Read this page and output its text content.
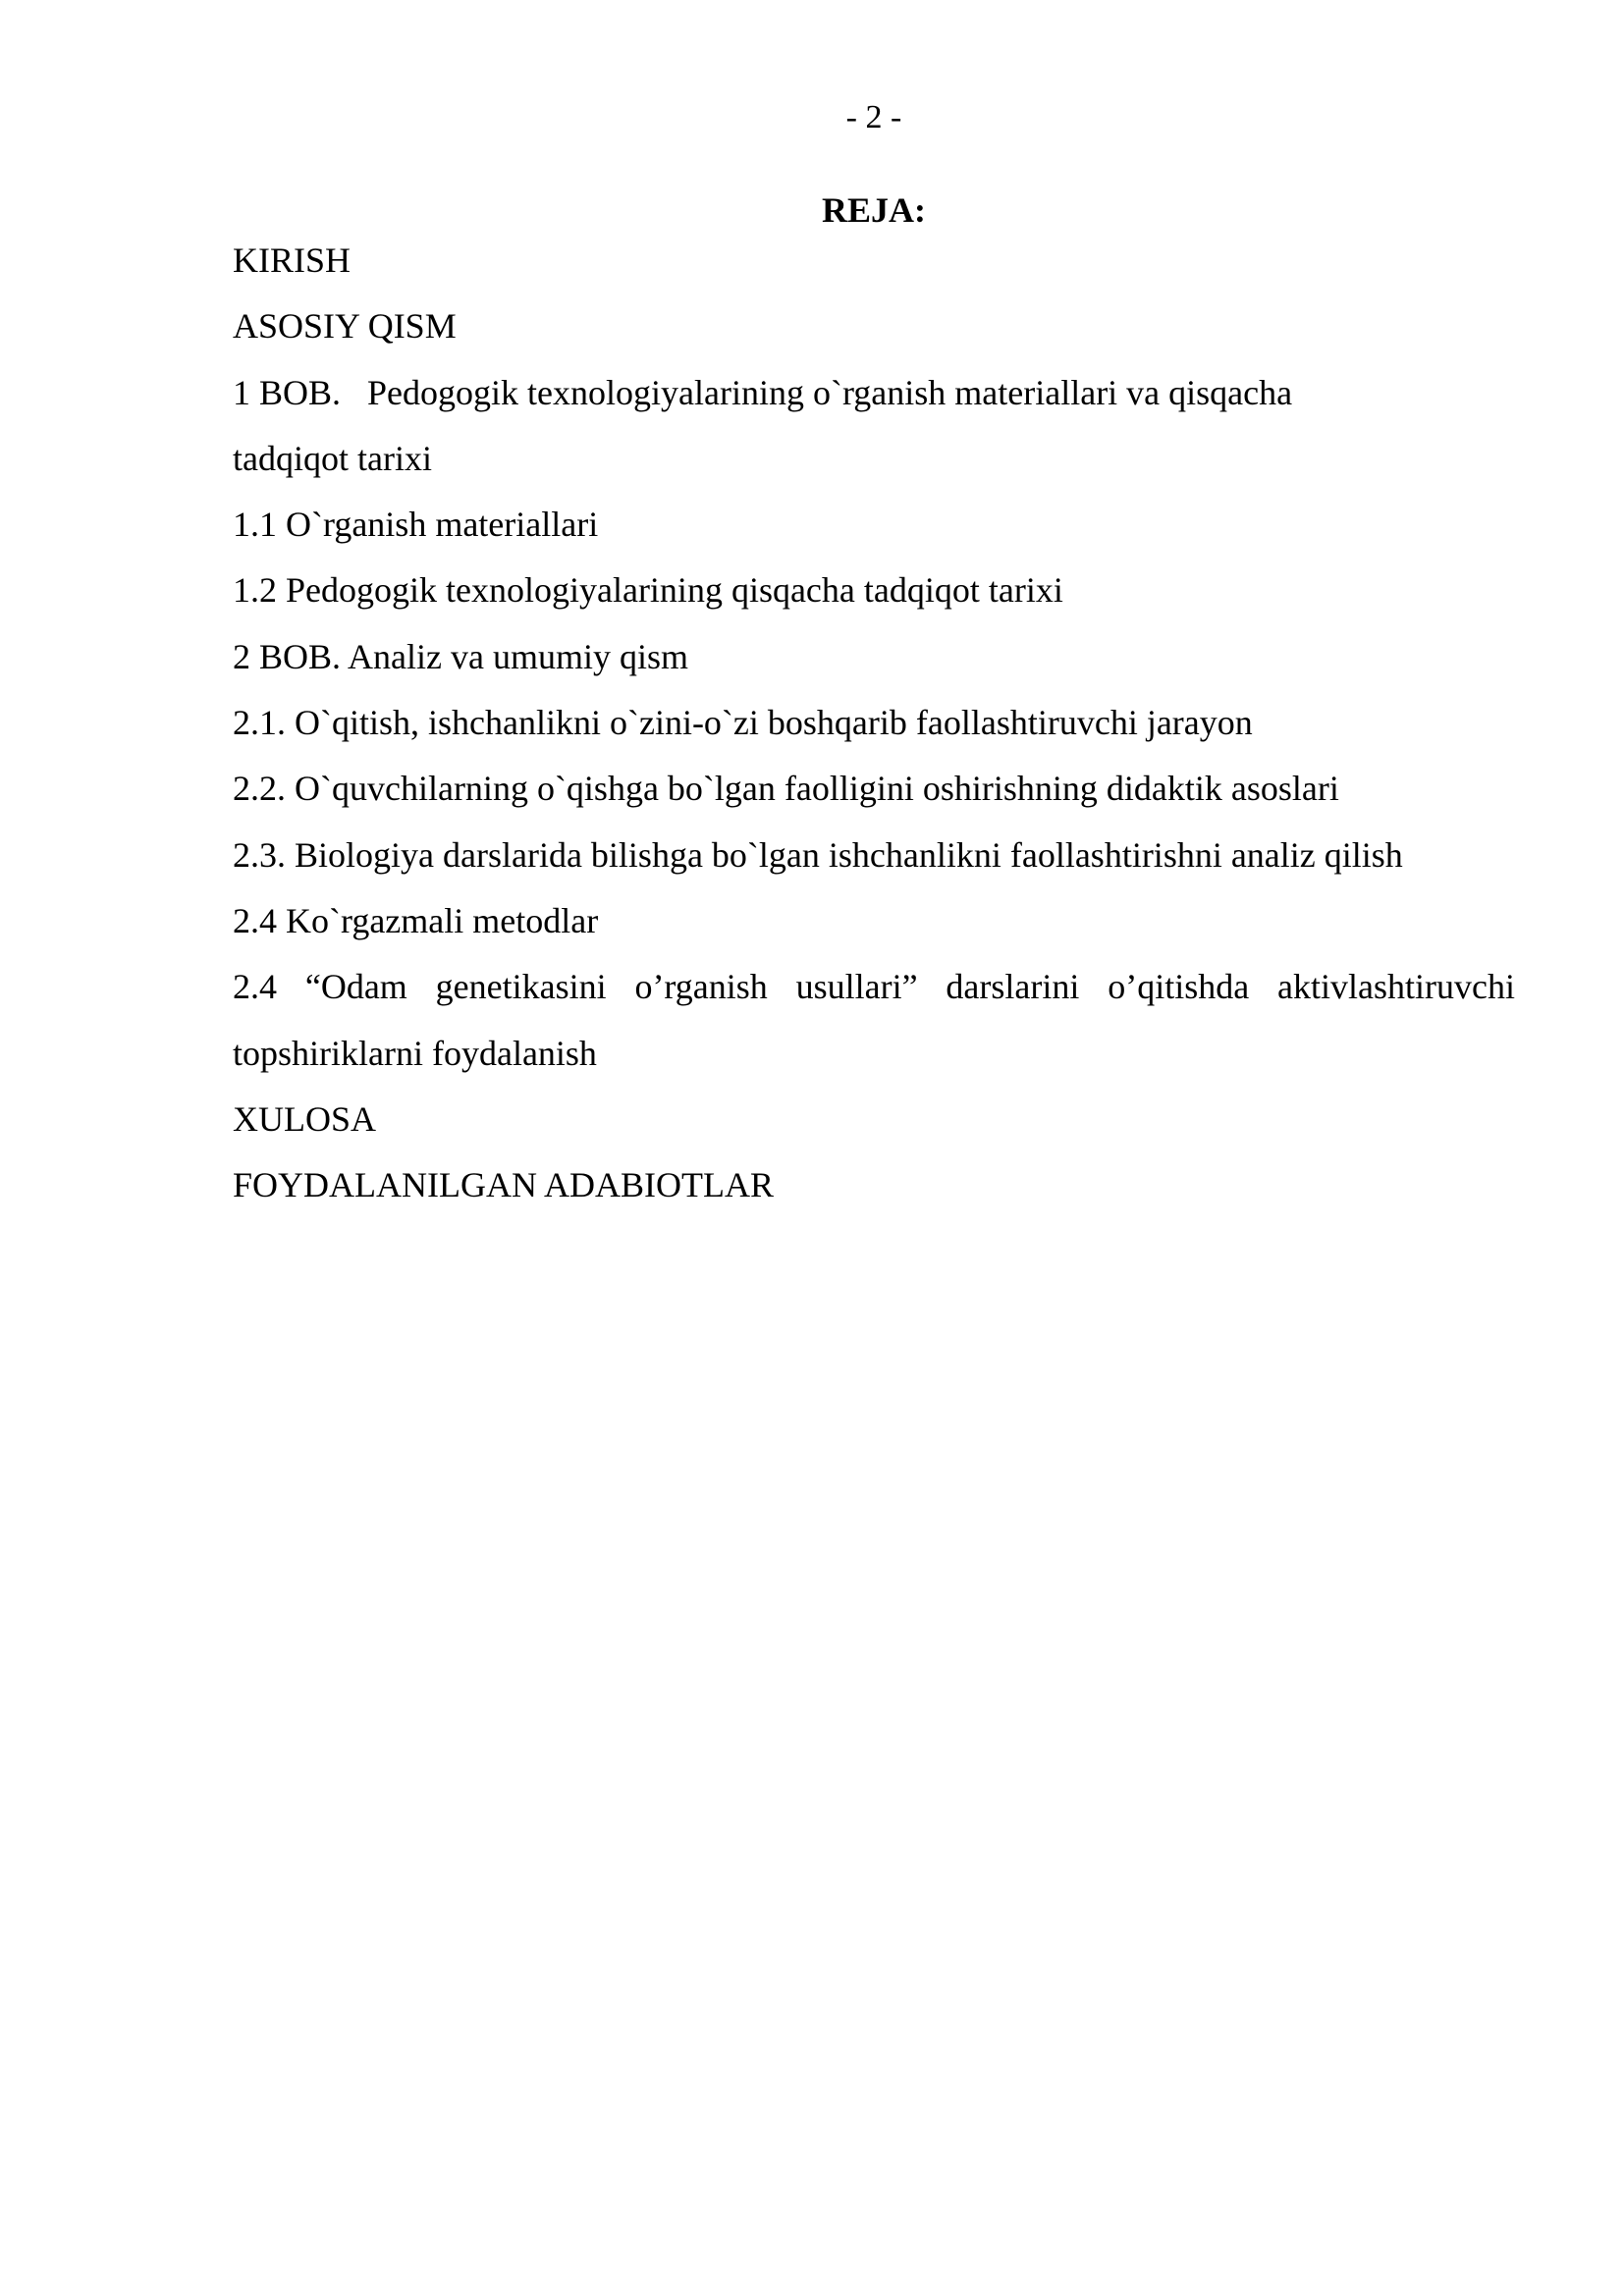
- 2 -
REJA:
KIRISH
ASOSIY QISM
1 BOB.   Pedogogik texnologiyalarining o`rganish materiallari va qisqacha
tadqiqot tarixi
1.1 O`rganish materiallari
1.2 Pedogogik texnologiyalarining qisqacha tadqiqot tarixi
2 BOB. Analiz va umumiy qism
2.1. O`qitish, ishchanlikni o`zini-o`zi boshqarib faollashtiruvchi jarayon
2.2. O`quvchilarning o`qishga bo`lgan faolligini oshirishning didaktik asoslari
2.3. Biologiya darslarida bilishga bo`lgan ishchanlikni faollashtirishni analiz qilish
2.4 Ko`rgazmali metodlar
2.4 “Odam genetikasini o’rganish usullari” darslarini o’qitishda aktivlashtiruvchi topshiriklarni foydalanish
XULOSA
FOYDALANILGAN ADABIOTLAR
